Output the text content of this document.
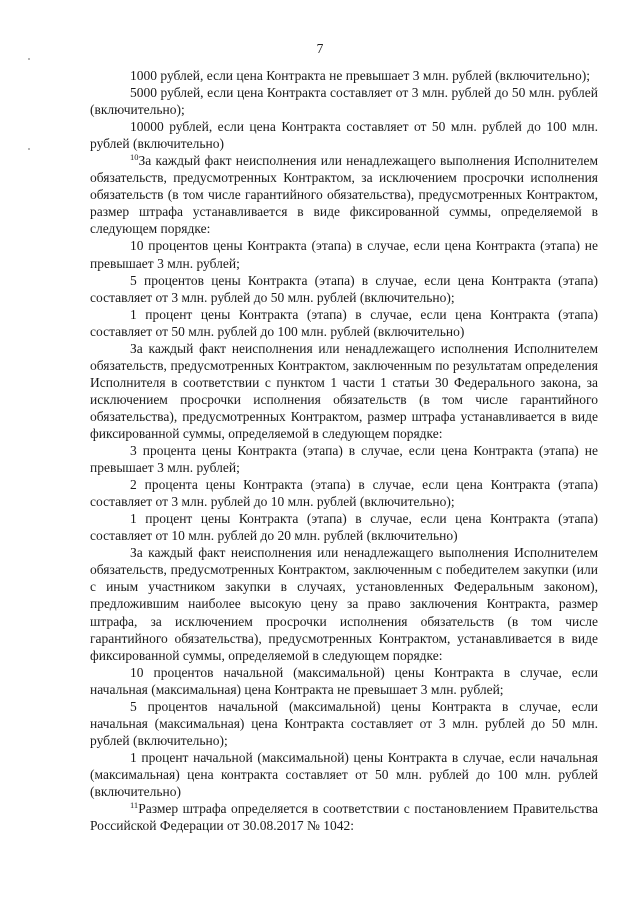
7

1000 рублей, если цена Контракта не превышает 3 млн. рублей (включительно);

5000 рублей, если цена Контракта составляет от 3 млн. рублей до 50 млн. рублей (включительно);

10000 рублей, если цена Контракта составляет от 50 млн. рублей до 100 млн. рублей (включительно)

$^{10}$За каждый факт неисполнения или ненадлежащего выполнения Исполнителем обязательств, предусмотренных Контрактом, за исключением просрочки исполнения обязательств (в том числе гарантийного обязательства), предусмотренных Контрактом, размер штрафа устанавливается в виде фиксированной суммы, определяемой в следующем порядке:

10 процентов цены Контракта (этапа) в случае, если цена Контракта (этапа) не превышает 3 млн. рублей;

5 процентов цены Контракта (этапа) в случае, если цена Контракта (этапа) составляет от 3 млн. рублей до 50 млн. рублей (включительно);

1 процент цены Контракта (этапа) в случае, если цена Контракта (этапа) составляет от 50 млн. рублей до 100 млн. рублей (включительно)

За каждый факт неисполнения или ненадлежащего исполнения Исполнителем обязательств, предусмотренных Контрактом, заключенным по результатам определения Исполнителя в соответствии с пунктом 1 части 1 статьи 30 Федерального закона, за исключением просрочки исполнения обязательств (в том числе гарантийного обязательства), предусмотренных Контрактом, размер штрафа устанавливается в виде фиксированной суммы, определяемой в следующем порядке:

3 процента цены Контракта (этапа) в случае, если цена Контракта (этапа) не превышает 3 млн. рублей;

2 процента цены Контракта (этапа) в случае, если цена Контракта (этапа) составляет от 3 млн. рублей до 10 млн. рублей (включительно);

1 процент цены Контракта (этапа) в случае, если цена Контракта (этапа) составляет от 10 млн. рублей до 20 млн. рублей (включительно)

За каждый факт неисполнения или ненадлежащего выполнения Исполнителем обязательств, предусмотренных Контрактом, заключенным с победителем закупки (или с иным участником закупки в случаях, установленных Федеральным законом), предложившим наиболее высокую цену за право заключения Контракта, размер штрафа, за исключением просрочки исполнения обязательств (в том числе гарантийного обязательства), предусмотренных Контрактом, устанавливается в виде фиксированной суммы, определяемой в следующем порядке:

10 процентов начальной (максимальной) цены Контракта в случае, если начальная (максимальная) цена Контракта не превышает 3 млн. рублей;

5 процентов начальной (максимальной) цены Контракта в случае, если начальная (максимальная) цена Контракта составляет от 3 млн. рублей до 50 млн. рублей (включительно);

1 процент начальной (максимальной) цены Контракта в случае, если начальная (максимальная) цена контракта составляет от 50 млн. рублей до 100 млн. рублей (включительно)

$^{11}$Размер штрафа определяется в соответствии с постановлением Правительства Российской Федерации от 30.08.2017 № 1042:
